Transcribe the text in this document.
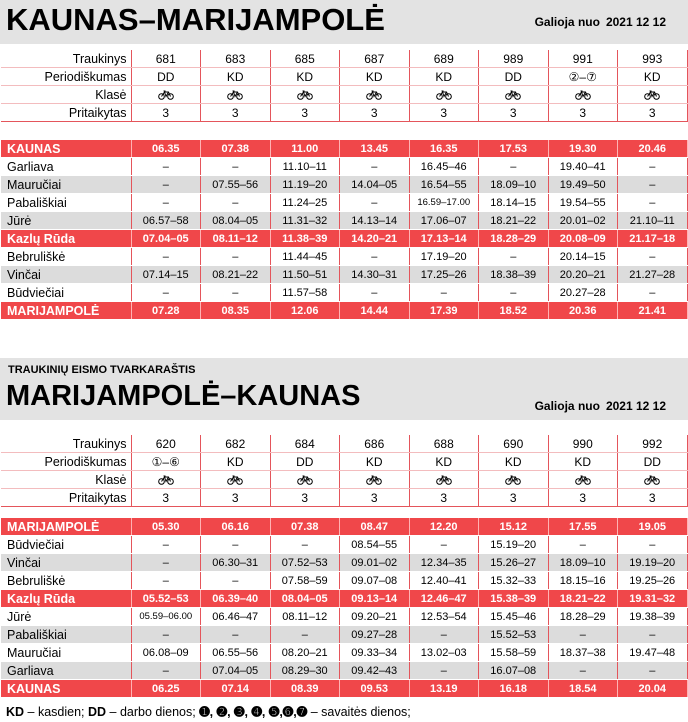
KAUNAS–MARIJAMPOLĖ	Galioja nuo 2021 12 12
Traukinys	681	683	685	687	689	989	991	993
Periodiškumas	DD	KD	KD	KD	KD	DD	②–⑦	KD
Klasė								
Pritaikytas	3	3	3	3	3	3	3	3
KAUNAS	06.35	07.38	11.00	13.45	16.35	17.53	19.30	20.46
Garliava	–	–	11.10–11	–	16.45–46	–	19.40–41	–
Mauručiai	–	07.55–56	11.19–20	14.04–05	16.54–55	18.09–10	19.49–50	–
Pabališkiai	–	–	11.24–25	–	16.59–17.00	18.14–15	19.54–55	–
Jūrė	06.57–58	08.04–05	11.31–32	14.13–14	17.06–07	18.21–22	20.01–02	21.10–11
Kazlų Rūda	07.04–05	08.11–12	11.38–39	14.20–21	17.13–14	18.28–29	20.08–09	21.17–18
Bebruliškė	–	–	11.44–45	–	17.19–20	–	20.14–15	–
Vinčai	07.14–15	08.21–22	11.50–51	14.30–31	17.25–26	18.38–39	20.20–21	21.27–28
Būdviečiai	–	–	11.57–58	–	–	–	20.27–28	–
MARIJAMPOLĖ	07.28	08.35	12.06	14.44	17.39	18.52	20.36	21.41
TRAUKINIŲ EISMO TVARKARAŠTIS
MARIJAMPOLĖ–KAUNAS	Galioja nuo 2021 12 12
Traukinys	620	682	684	686	688	690	990	992
Periodiškumas	①–⑥	KD	DD	KD	KD	KD	KD	DD
Klasė								
Pritaikytas	3	3	3	3	3	3	3	3
MARIJAMPOLĖ	05.30	06.16	07.38	08.47	12.20	15.12	17.55	19.05
Būdviečiai	–	–	–	08.54–55	–	15.19–20	–	–
Vinčai	–	06.30–31	07.52–53	09.01–02	12.34–35	15.26–27	18.09–10	19.19–20
Bebruliškė	–	–	07.58–59	09.07–08	12.40–41	15.32–33	18.15–16	19.25–26
Kazlų Rūda	05.52–53	06.39–40	08.04–05	09.13–14	12.46–47	15.38–39	18.21–22	19.31–32
Jūrė	05.59–06.00	06.46–47	08.11–12	09.20–21	12.53–54	15.45–46	18.28–29	19.38–39
Pabališkiai	–	–	–	09.27–28	–	15.52–53	–	–
Mauručiai	06.08–09	06.55–56	08.20–21	09.33–34	13.02–03	15.58–59	18.37–38	19.47–48
Garliava	–	07.04–05	08.29–30	09.42–43	–	16.07–08	–	–
KAUNAS	06.25	07.14	08.39	09.53	13.19	16.18	18.54	20.04
KD – kasdien; DD – darbo dienos; ➊, ➋, ➌, ➍, ➎,➏,➐ – savaitės dienos;
